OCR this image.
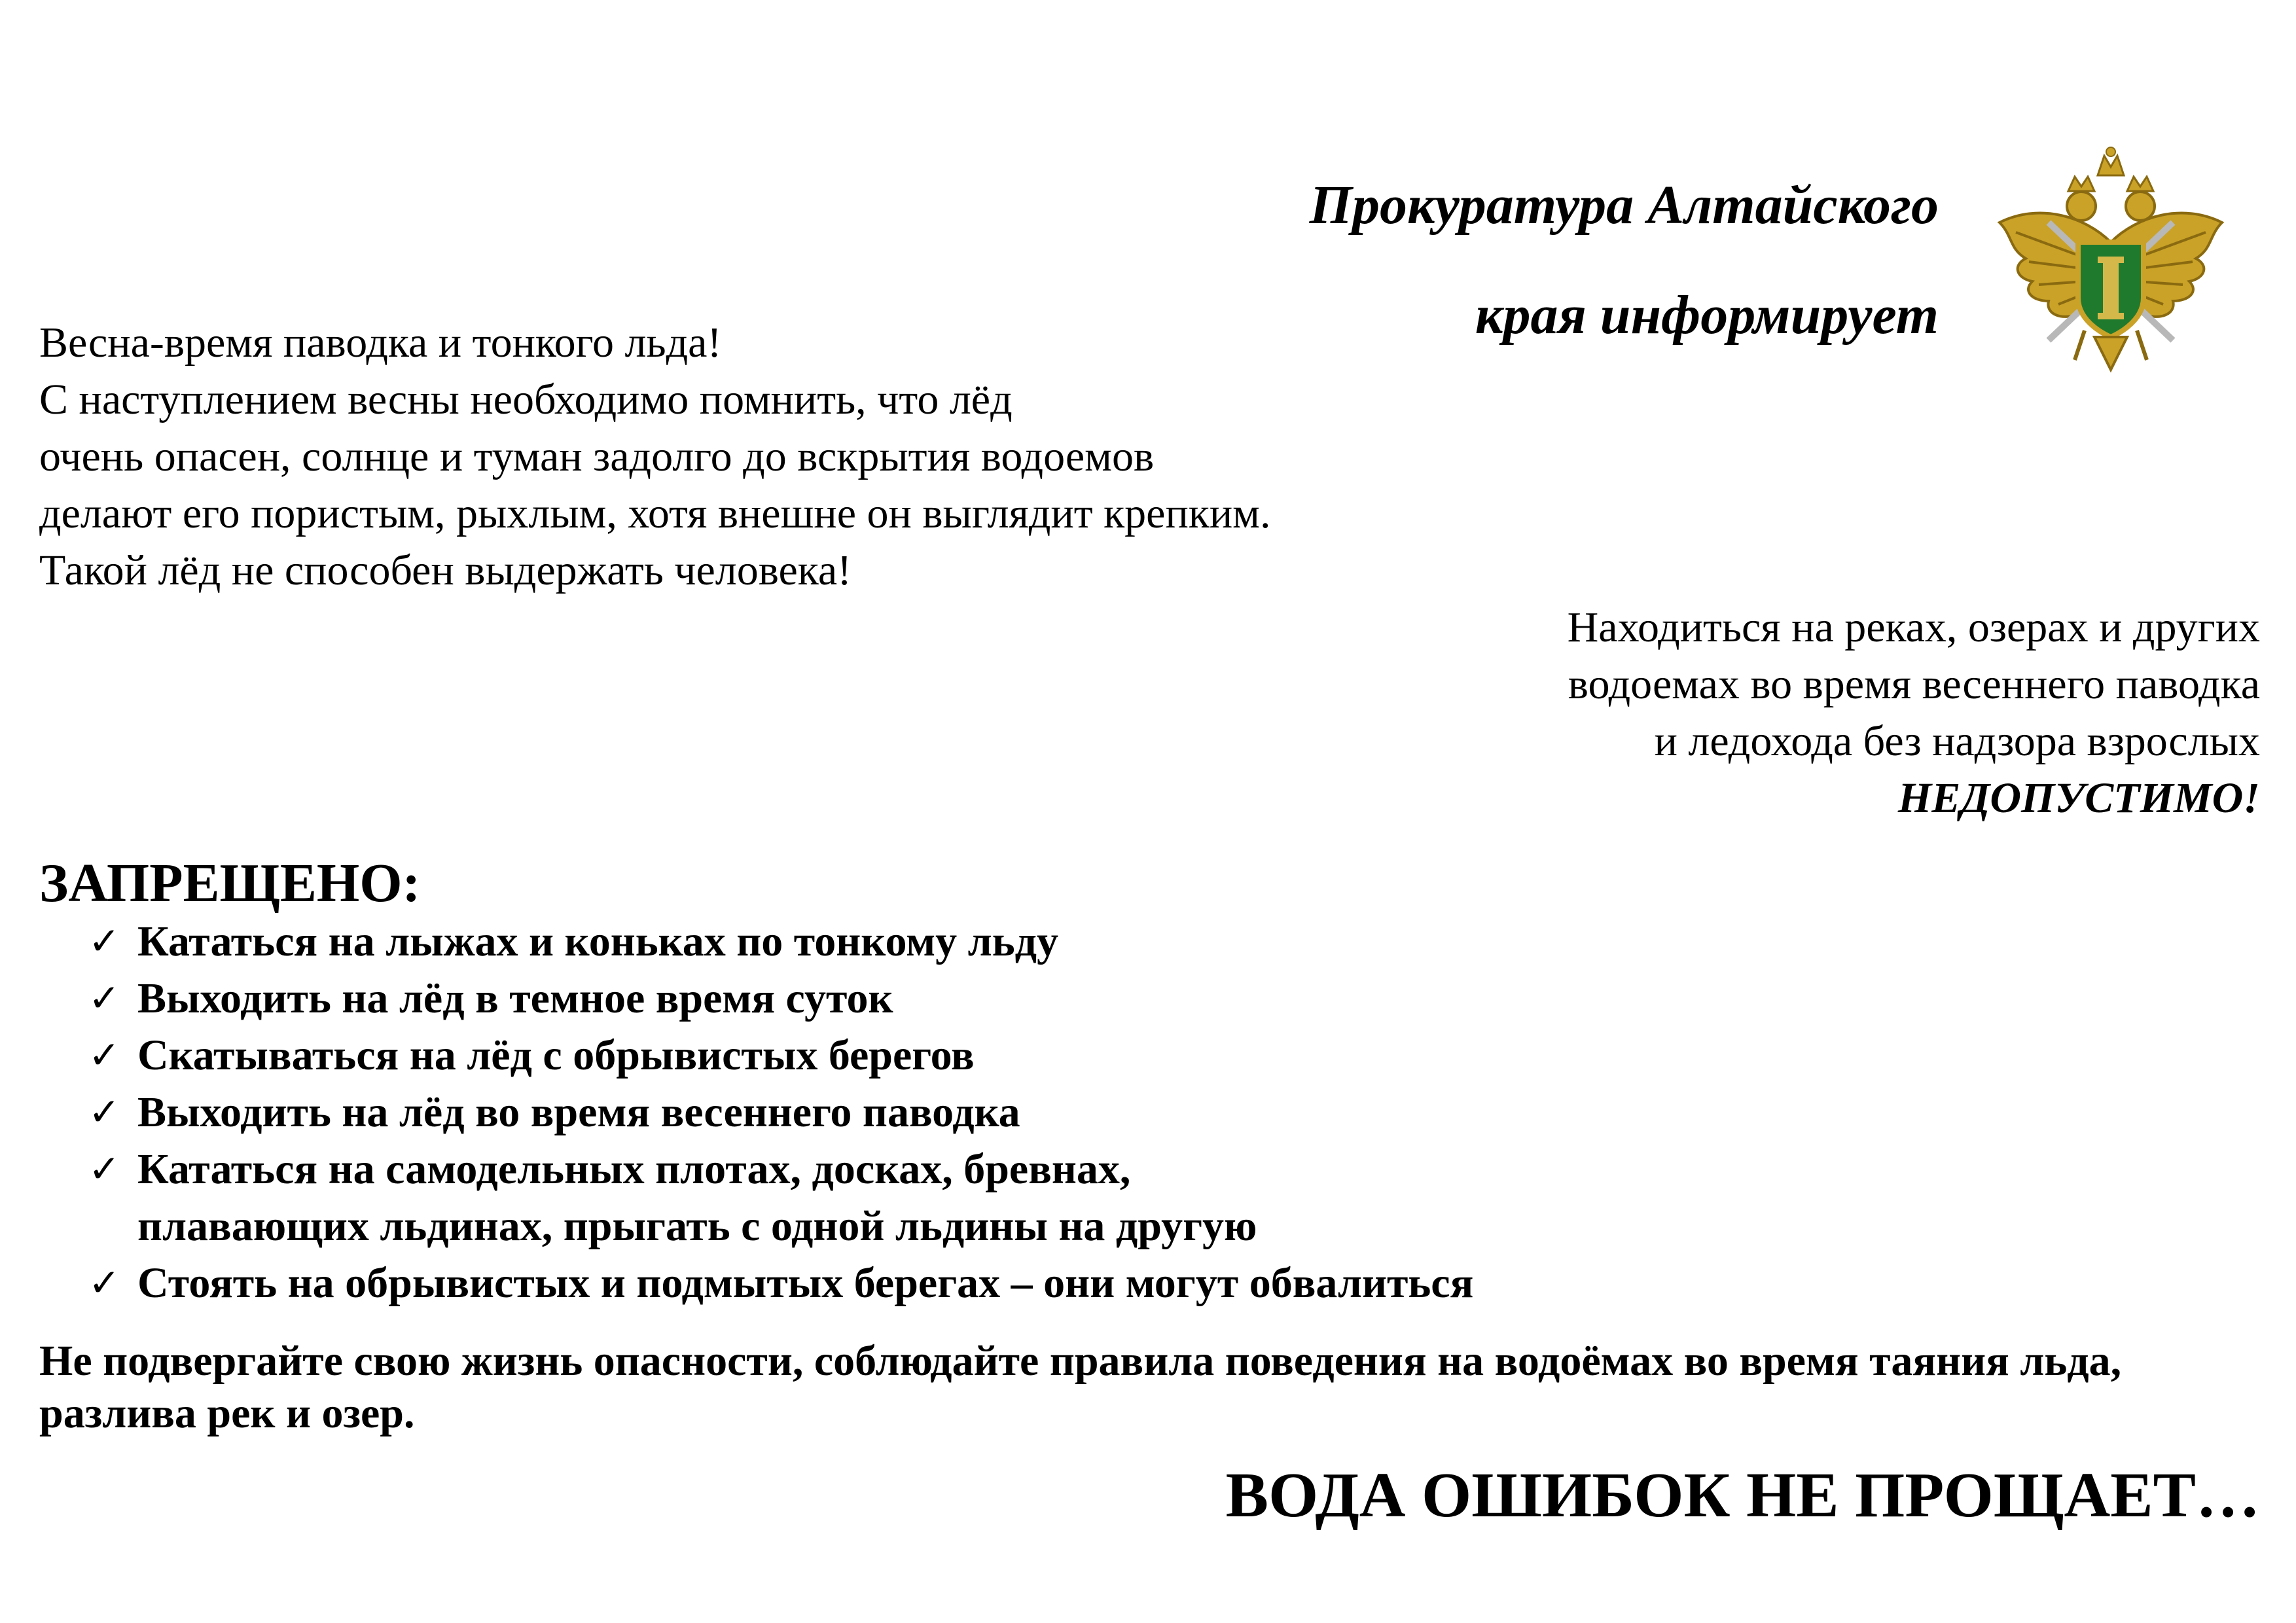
Прокуратура Алтайского
края информирует
Весна-время паводка и тонкого льда!
С наступлением весны необходимо помнить, что лёд
очень опасен, солнце и туман задолго до вскрытия водоемов
делают его пористым, рыхлым, хотя внешне он выглядит крепким.
Такой лёд не способен выдержать человека!
Находиться на реках, озерах и других
водоемах во время весеннего паводка
и ледохода без надзора взрослых
НЕДОПУСТИМО!
ЗАПРЕЩЕНО:
✓ Кататься на лыжах и коньках по тонкому льду
✓ Выходить на лёд в темное время суток
✓ Скатываться на лёд с обрывистых берегов
✓ Выходить на лёд во время весеннего паводка
✓ Кататься на самодельных плотах, досках, бревнах,
плавающих льдинах, прыгать с одной льдины на другую
✓ Стоять на обрывистых и подмытых берегах – они могут обвалиться
Не подвергайте свою жизнь опасности, соблюдайте правила поведения на водоёмах во время таяния льда, разлива рек и озер.
ВОДА ОШИБОК НЕ ПРОЩАЕТ…
